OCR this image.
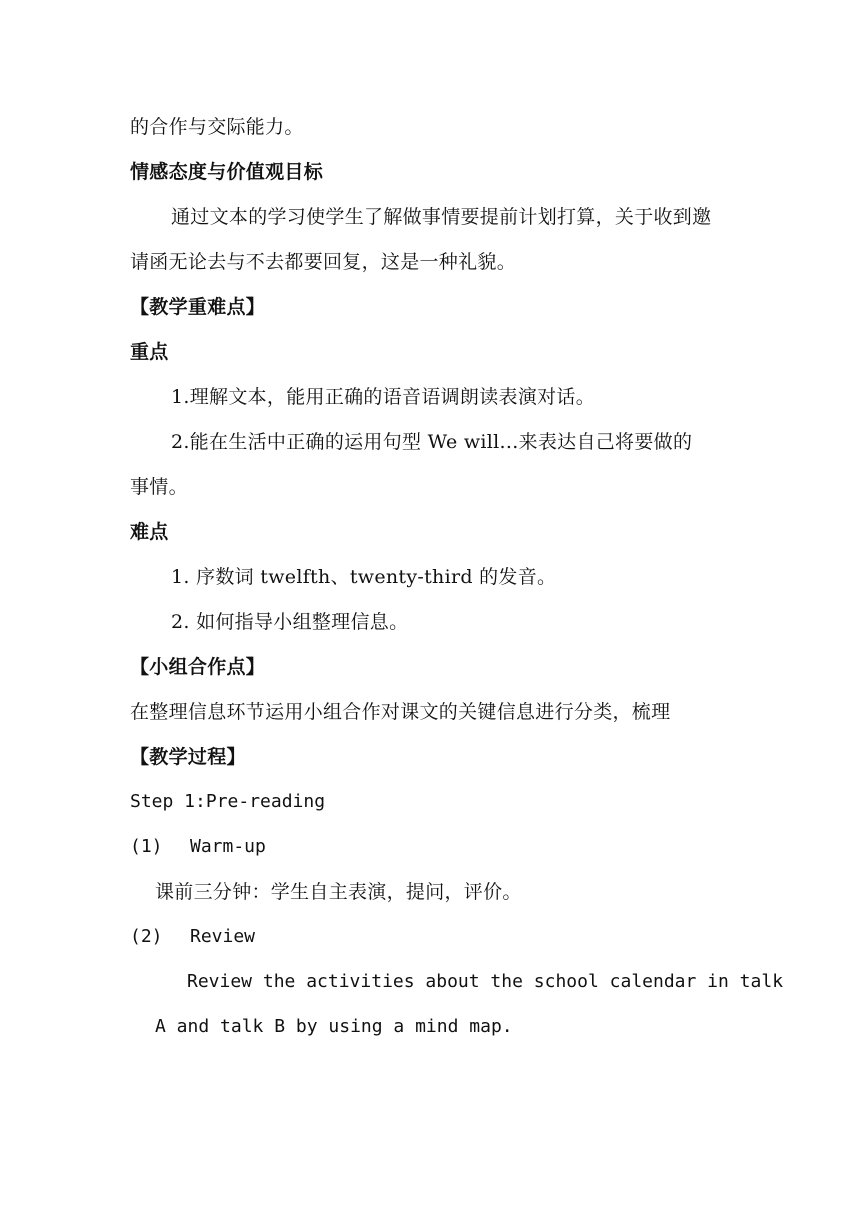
的合作与交际能力。
情感态度与价值观目标
通过文本的学习使学生了解做事情要提前计划打算，关于收到邀
请函无论去与不去都要回复，这是一种礼貌。
【教学重难点】
重点
1.理解文本，能用正确的语音语调朗读表演对话。
2.能在生活中正确的运用句型 We will...来表达自己将要做的
事情。
难点
1. 序数词 twelfth、twenty-third 的发音。
2. 如何指导小组整理信息。
【小组合作点】
在整理信息环节运用小组合作对课文的关键信息进行分类，梳理
【教学过程】
Step 1:Pre-reading
(1) Warm-up
课前三分钟：学生自主表演，提问，评价。
(2) Review
Review the activities about the school calendar in talk
A and talk B by using a mind map.
